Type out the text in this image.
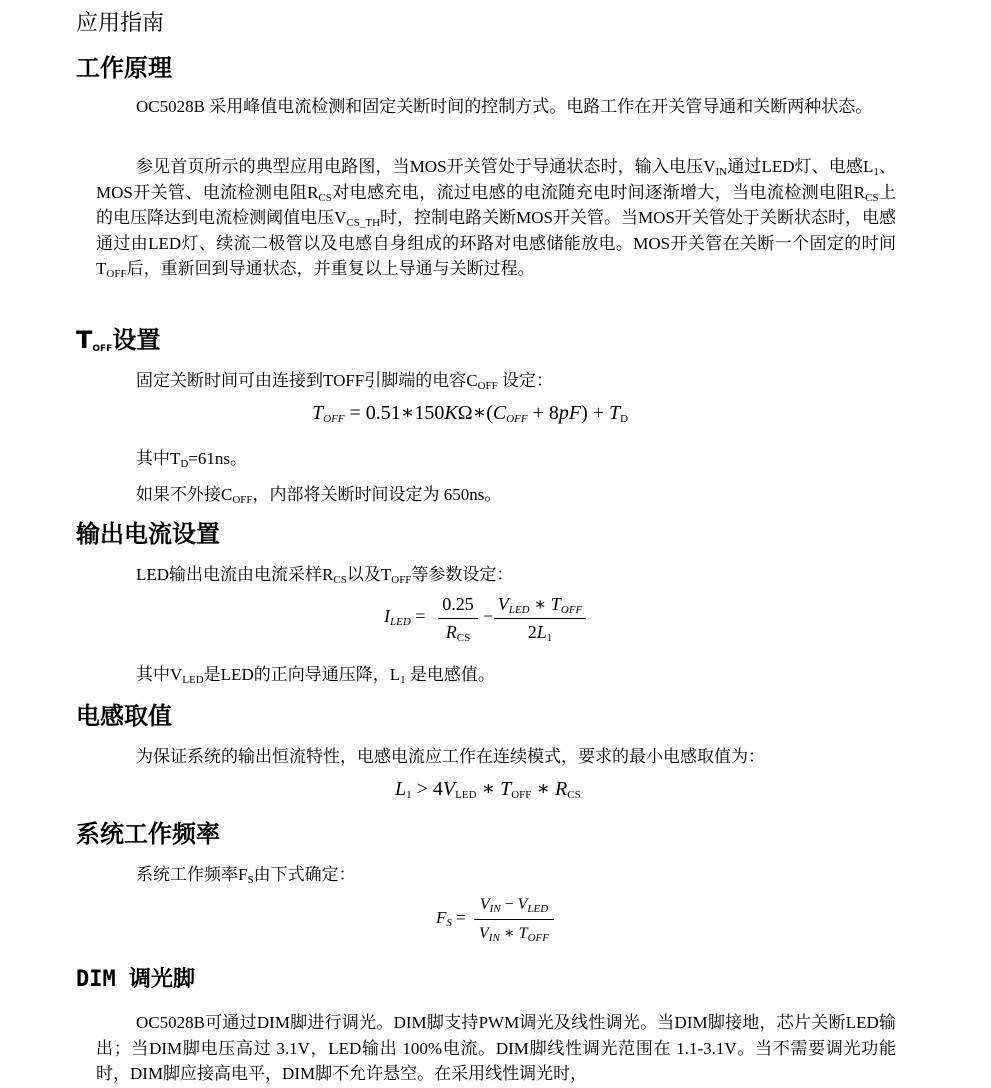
应用指南
工作原理
OC5028B 采用峰值电流检测和固定关断时间的控制方式。电路工作在开关管导通和关断两种状态。
参见首页所示的典型应用电路图，当MOS开关管处于导通状态时，输入电压$V_{IN}$通过LED灯、电感$L_1$、MOS开关管、电流检测电阻$R_{CS}$对电感充电，流过电感的电流随充电时间逐渐增大，当电流检测电阻$R_{CS}$上的电压降达到电流检测阈值电压$V_{CS\_TH}$时，控制电路关断MOS开关管。当MOS开关管处于关断状态时，电感通过由LED灯、续流二极管以及电感自身组成的环路对电感储能放电。MOS开关管在关断一个固定的时间$T_{OFF}$后，重新回到导通状态，并重复以上导通与关断过程。
$T_{OFF}$设置
固定关断时间可由连接到TOFF引脚端的电容$C_{OFF}$ 设定：
$T_{OFF}$ = $0.51∗150K\Omega∗(C_{OFF} + 8pF) + T_D$
其中$T_D=61ns$。
如果不外接$C_{OFF}$，内部将关断时间设定为 650ns。
输出电流设置
LED输出电流由电流采样$R_{CS}$以及$T_{OFF}$等参数设定：
$I_{LED}$ =
0.25
$R_{CS}$
−
$V_{LED}$ ∗ $T_{OFF}$
$2L_1$
其中$V_{LED}$是LED的正向导通压降，$L_1$ 是电感值。
电感取值
为保证系统的输出恒流特性，电感电流应工作在连续模式，要求的最小电感取值为：
$L_1 > 4V_{LED}$ ∗ $T_{OFF}$ ∗ $R_{CS}$
系统工作频率
系统工作频率$F_S$由下式确定：
$F_S$ =
$V_{IN} - V_{LED}$
$V_{IN}$ ∗ $T_{OFF}$
DIM 调光脚
OC5028B可通过DIM脚进行调光。DIM脚支持PWM调光及线性调光。当DIM脚接地，芯片关断LED输出；当DIM脚电压高过 3.1V，LED输出 100%电流。DIM脚线性调光范围在 1.1-3.1V。当不需要调光功能时，DIM脚应接高电平，DIM脚不允许悬空。在采用线性调光时，
